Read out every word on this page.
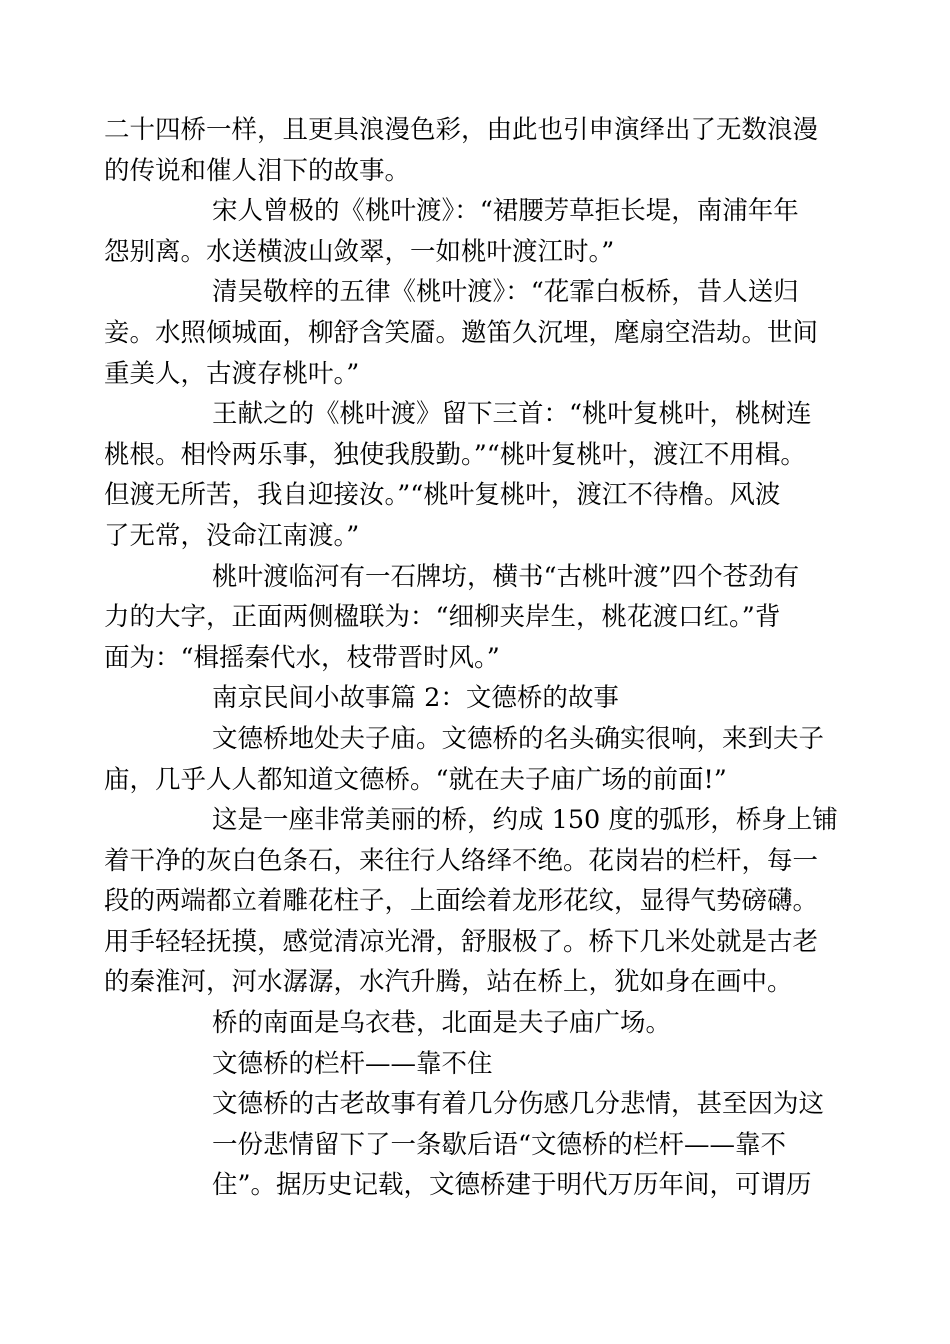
二十四桥一样，且更具浪漫色彩，由此也引申演绎出了无数浪漫
的传说和催人泪下的故事。
宋人曾极的《桃叶渡》：“裙腰芳草拒长堤，南浦年年
怨别离。水送横波山敛翠，一如桃叶渡江时。”
清吴敬梓的五律《桃叶渡》：“花霏白板桥，昔人送归
妾。水照倾城面，柳舒含笑靥。邀笛久沉埋，麾扇空浩劫。世间
重美人，古渡存桃叶。”
王献之的《桃叶渡》留下三首：“桃叶复桃叶，桃树连
桃根。相怜两乐事，独使我殷勤。”“桃叶复桃叶，渡江不用楫。
但渡无所苦，我自迎接汝。”“桃叶复桃叶，渡江不待橹。风波
了无常，没命江南渡。”
桃叶渡临河有一石牌坊，横书“古桃叶渡”四个苍劲有
力的大字，正面两侧楹联为：“细柳夹岸生，桃花渡口红。”背
面为：“楫摇秦代水，枝带晋时风。”
南京民间小故事篇 2：文德桥的故事
文德桥地处夫子庙。文德桥的名头确实很响，来到夫子
庙，几乎人人都知道文德桥。“就在夫子庙广场的前面!”
这是一座非常美丽的桥，约成 150 度的弧形，桥身上铺
着干净的灰白色条石，来往行人络绎不绝。花岗岩的栏杆，每一
段的两端都立着雕花柱子，上面绘着龙形花纹，显得气势磅礴。
用手轻轻抚摸，感觉清凉光滑，舒服极了。桥下几米处就是古老
的秦淮河，河水潺潺，水汽升腾，站在桥上，犹如身在画中。
桥的南面是乌衣巷，北面是夫子庙广场。
文德桥的栏杆——靠不住
文德桥的古老故事有着几分伤感几分悲情，甚至因为这
一份悲情留下了一条歇后语“文德桥的栏杆——靠不
住”。据历史记载，文德桥建于明代万历年间，可谓历
